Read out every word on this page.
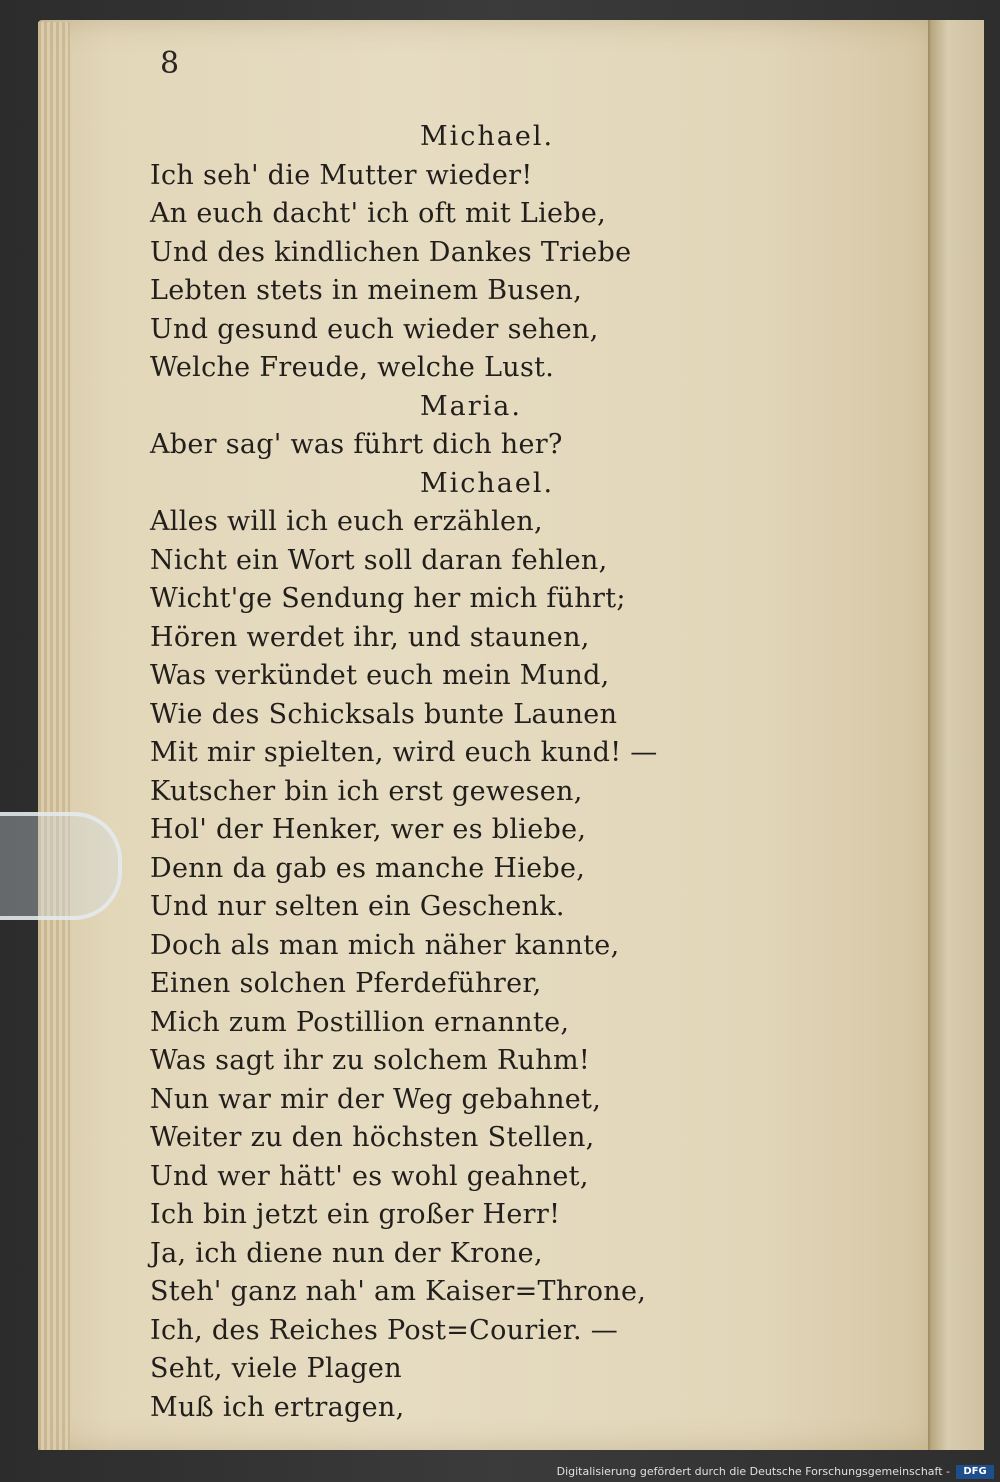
8
Michael.
Ich seh' die Mutter wieder!
An euch dacht' ich oft mit Liebe,
Und des kindlichen Dankes Triebe
Lebten stets in meinem Busen,
Und gesund euch wieder sehen,
Welche Freude, welche Lust.
Maria.
Aber sag' was führt dich her?
Michael.
Alles will ich euch erzählen,
Nicht ein Wort soll daran fehlen,
Wicht'ge Sendung her mich führt;
Hören werdet ihr, und staunen,
Was verkündet euch mein Mund,
Wie des Schicksals bunte Launen
Mit mir spielten, wird euch kund! —
Kutscher bin ich erst gewesen,
Hol' der Henker, wer es bliebe,
Denn da gab es manche Hiebe,
Und nur selten ein Geschenk.
Doch als man mich näher kannte,
Einen solchen Pferdeführer,
Mich zum Postillion ernannte,
Was sagt ihr zu solchem Ruhm!
Nun war mir der Weg gebahnet,
Weiter zu den höchsten Stellen,
Und wer hätt' es wohl geahnet,
Ich bin jetzt ein großer Herr!
Ja, ich diene nun der Krone,
Steh' ganz nah' am Kaiser=Throne,
Ich, des Reiches Post=Courier. —
Seht, viele Plagen
Muß ich ertragen,
Digitalisierung gefördert durch die Deutsche Forschungsgemeinschaft -	DFG
